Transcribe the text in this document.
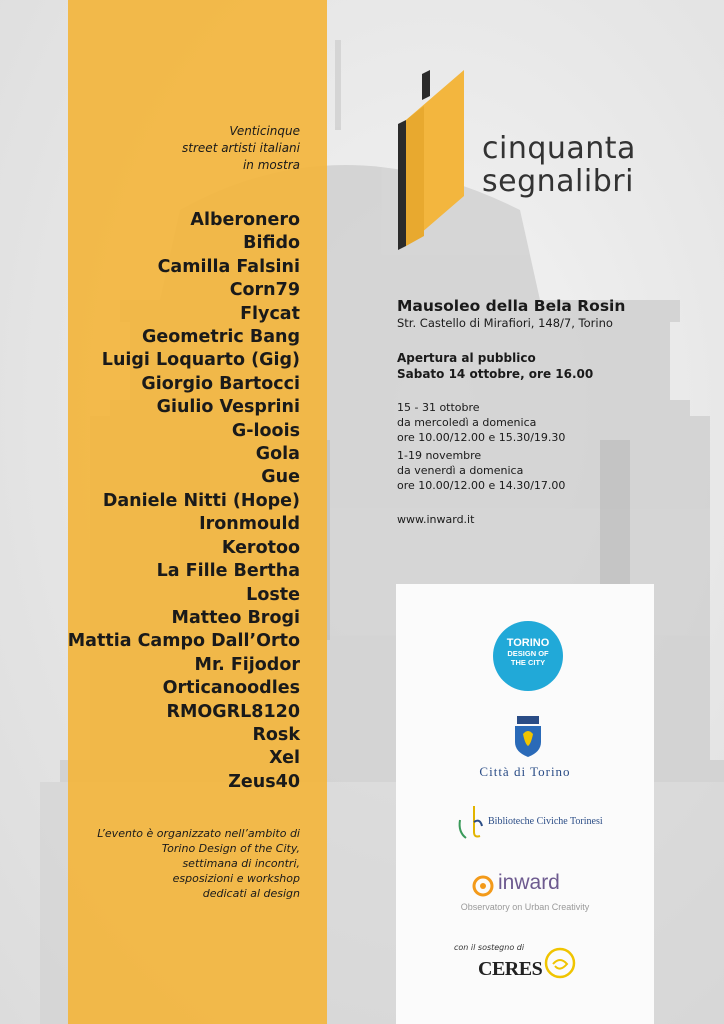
Venticinque
street artisti italiani
in mostra
Alberonero
Bifido
Camilla Falsini
Corn79
Flycat
Geometric Bang
Luigi Loquarto (Gig)
Giorgio Bartocci
Giulio Vesprini
G-loois
Gola
Gue
Daniele Nitti (Hope)
Ironmould
Kerotoo
La Fille Bertha
Loste
Matteo Brogi
Mattia Campo Dall’Orto
Mr. Fijodor
Orticanoodles
RMOGRL8120
Rosk
Xel
Zeus40
L’evento è organizzato nell’ambito di
Torino Design of the City,
settimana di incontri,
esposizioni e workshop
dedicati al design
cinquanta
segnalibri
Mausoleo della Bela Rosin
Str. Castello di Mirafiori, 148/7, Torino
Apertura al pubblico
Sabato 14 ottobre, ore 16.00
15 - 31 ottobre
da mercoledì a domenica
ore 10.00/12.00 e 15.30/19.30
1-19 novembre
da venerdì a domenica
ore 10.00/12.00 e 14.30/17.00
www.inward.it
TORINO
DESIGN OF
THE CITY
Città di Torino
Biblioteche Civiche Torinesi
inward
Observatory on Urban Creativity
con il sostegno di
CERES
